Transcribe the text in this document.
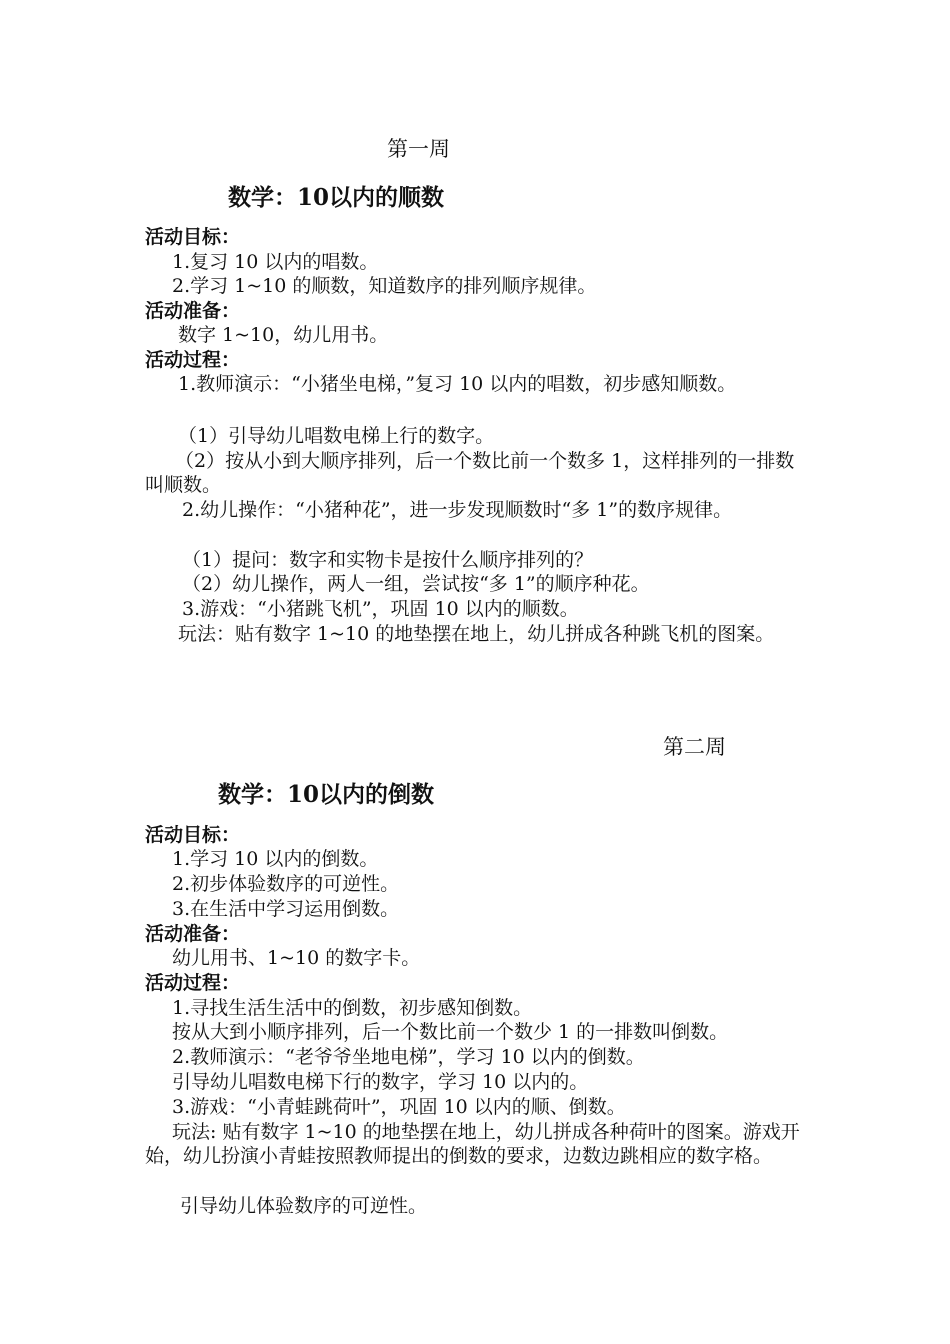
第一周
数学：10以内的顺数
活动目标：
1.复习 10 以内的唱数。
2.学习 1~10 的顺数，知道数序的排列顺序规律。
活动准备：
数字 1~10，幼儿用书。
活动过程：
1.教师演示：“小猪坐电梯，”复习 10 以内的唱数，初步感知顺数。
（1）引导幼儿唱数电梯上行的数字。
（2）按从小到大顺序排列，后一个数比前一个数多 1，这样排列的一排数叫顺数。
2.幼儿操作：“小猪种花”，进一步发现顺数时“多 1”的数序规律。
（1）提问：数字和实物卡是按什么顺序排列的？
（2）幼儿操作，两人一组，尝试按“多 1”的顺序种花。
3.游戏：“小猪跳飞机”，巩固 10 以内的顺数。
玩法：贴有数字 1~10 的地垫摆在地上，幼儿拼成各种跳飞机的图案。
第二周
数学：10以内的倒数
活动目标：
1.学习 10 以内的倒数。
2.初步体验数序的可逆性。
3.在生活中学习运用倒数。
活动准备：
幼儿用书、1~10 的数字卡。
活动过程：
1.寻找生活生活中的倒数，初步感知倒数。
按从大到小顺序排列，后一个数比前一个数少 1 的一排数叫倒数。
2.教师演示：“老爷爷坐地电梯”，学习 10 以内的倒数。
引导幼儿唱数电梯下行的数字，学习 10 以内的。
3.游戏：“小青蛙跳荷叶”，巩固 10 以内的顺、倒数。
玩法: 贴有数字 1~10 的地垫摆在地上，幼儿拼成各种荷叶的图案。游戏开始，幼儿扮演小青蛙按照教师提出的倒数的要求，边数边跳相应的数字格。
引导幼儿体验数序的可逆性。
